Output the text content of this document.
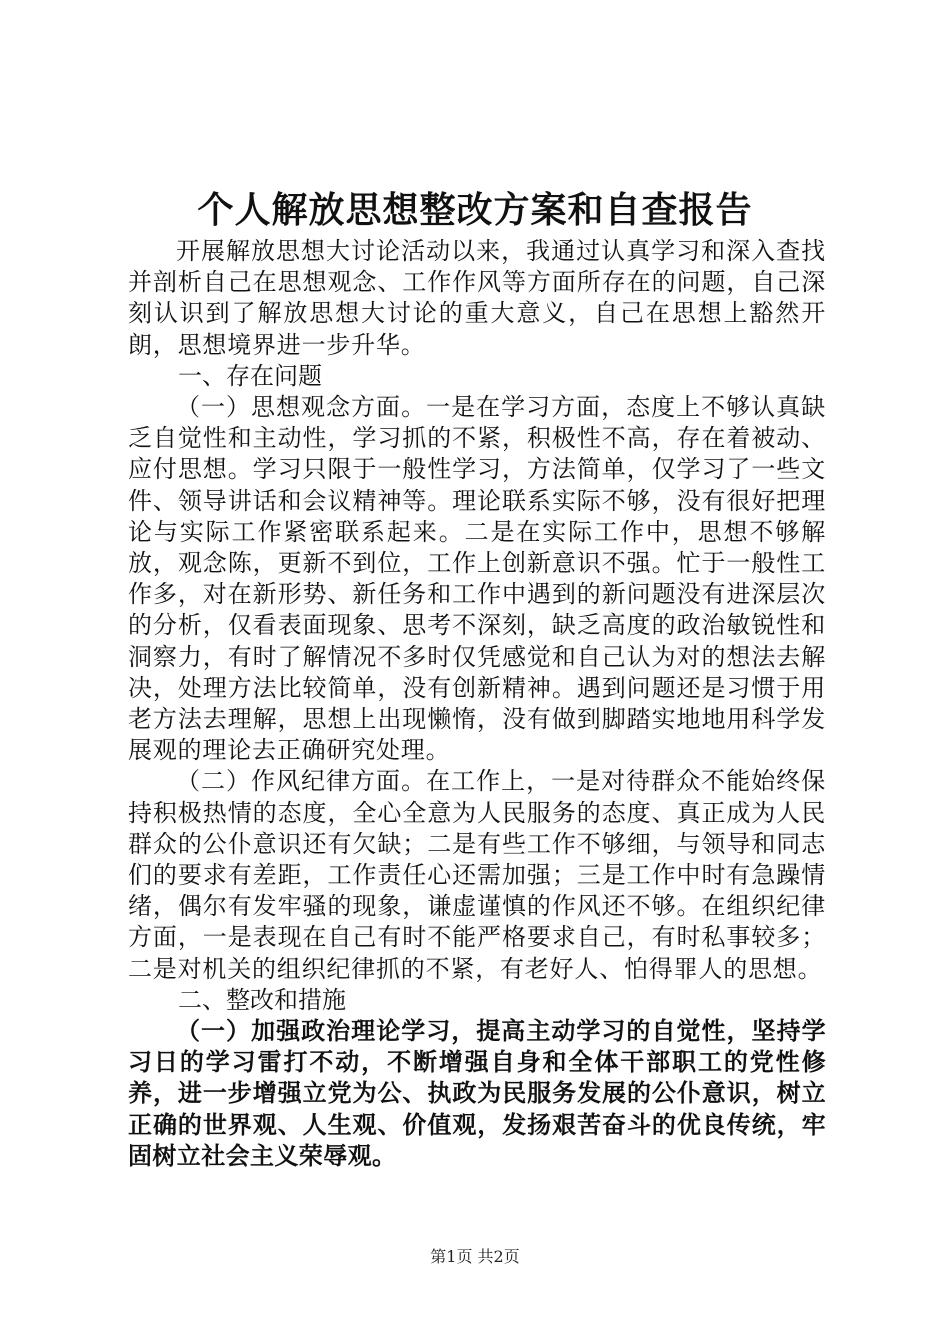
个人解放思想整改方案和自查报告

开展解放思想大讨论活动以来，我通过认真学习和深入查找并剖析自己在思想观念、工作作风等方面所存在的问题，自己深刻认识到了解放思想大讨论的重大意义，自己在思想上豁然开朗，思想境界进一步升华。

一、存在问题

（一）思想观念方面。一是在学习方面，态度上不够认真缺乏自觉性和主动性，学习抓的不紧，积极性不高，存在着被动、应付思想。学习只限于一般性学习，方法简单，仅学习了一些文件、领导讲话和会议精神等。理论联系实际不够，没有很好把理论与实际工作紧密联系起来。二是在实际工作中，思想不够解放，观念陈，更新不到位，工作上创新意识不强。忙于一般性工作多，对在新形势、新任务和工作中遇到的新问题没有进深层次的分析，仅看表面现象、思考不深刻，缺乏高度的政治敏锐性和洞察力，有时了解情况不多时仅凭感觉和自己认为对的想法去解决，处理方法比较简单，没有创新精神。遇到问题还是习惯于用老方法去理解，思想上出现懒惰，没有做到脚踏实地地用科学发展观的理论去正确研究处理。

（二）作风纪律方面。在工作上，一是对待群众不能始终保持积极热情的态度，全心全意为人民服务的态度、真正成为人民群众的公仆意识还有欠缺；二是有些工作不够细，与领导和同志们的要求有差距，工作责任心还需加强；三是工作中时有急躁情绪，偶尔有发牢骚的现象，谦虚谨慎的作风还不够。在组织纪律方面，一是表现在自己有时不能严格要求自己，有时私事较多；二是对机关的组织纪律抓的不紧，有老好人、怕得罪人的思想。

二、整改和措施

（一）加强政治理论学习，提高主动学习的自觉性，坚持学习日的学习雷打不动，不断增强自身和全体干部职工的党性修养，进一步增强立党为公、执政为民服务发展的公仆意识，树立正确的世界观、人生观、价值观，发扬艰苦奋斗的优良传统，牢固树立社会主义荣辱观。

第1页 共2页
